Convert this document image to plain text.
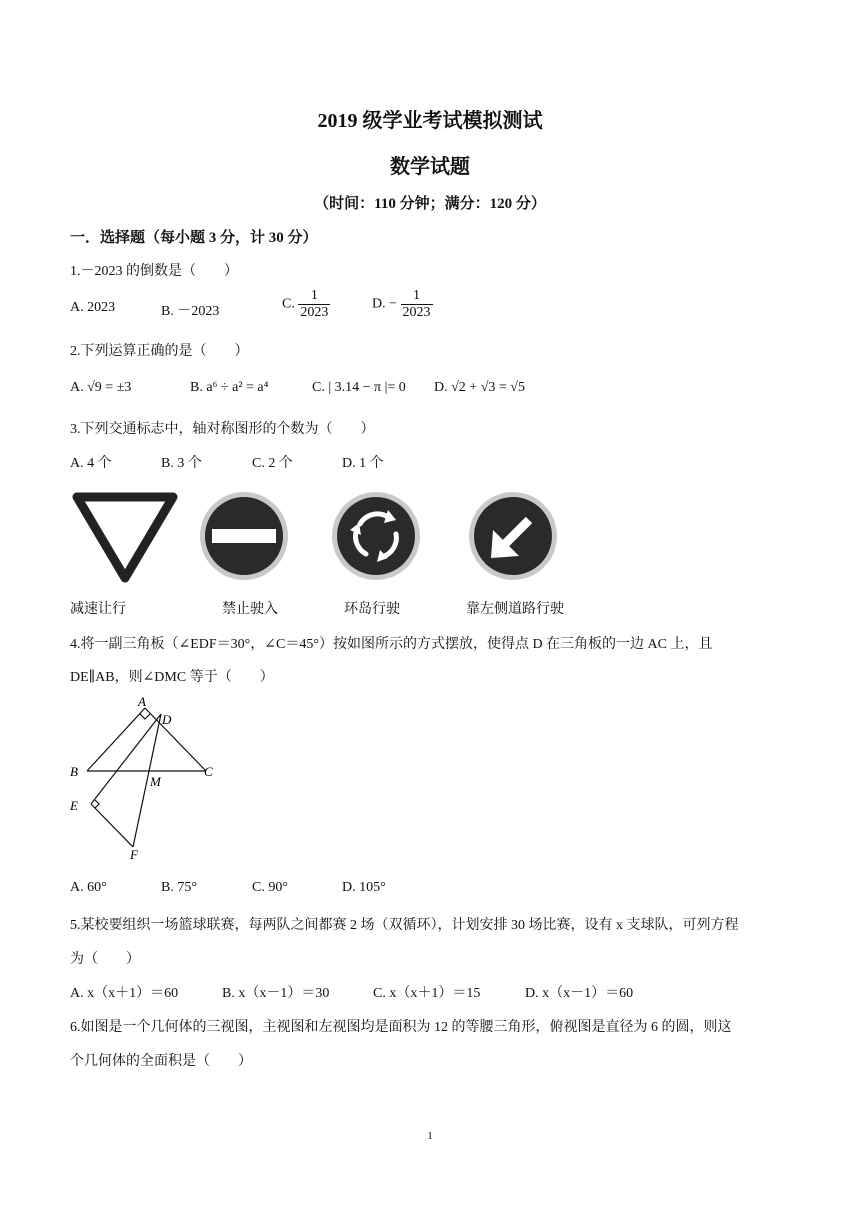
2019 级学业考试模拟测试
数学试题
（时间：110 分钟；满分：120 分）
一．选择题（每小题 3 分，计 30 分）
1.－2023 的倒数是（　　）
A. 2023	B. －2023	C. $\frac{1}{2023}$	D. − $\frac{1}{2023}$
2.下列运算正确的是（　　）
A. √9 = ±3	B. a⁶ ÷ a² = a⁴	C. | 3.14 − π |= 0 D. √2 + √3 = √5
3.下列交通标志中，轴对称图形的个数为（　　）
A. 4 个	B. 3 个	C. 2 个	D. 1 个
减速让行	禁止驶入	环岛行驶	靠左侧道路行驶
4.将一副三角板（∠EDF＝30°，∠C＝45°）按如图所示的方式摆放，使得点 D 在三角板的一边 AC 上，且
DE∥AB，则∠DMC 等于（　　）
A
D
B
M
C
E
F
A. 60°	B. 75°	C. 90°	D. 105°
5.某校要组织一场篮球联赛，每两队之间都赛 2 场（双循环），计划安排 30 场比赛，设有 x 支球队，可列方程
为（　　）
A. x（x＋1）＝60	B. x（x－1）＝30	C. x（x＋1）＝15	D. x（x－1）＝60
6.如图是一个几何体的三视图，主视图和左视图均是面积为 12 的等腰三角形，俯视图是直径为 6 的圆，则这
个几何体的全面积是（　　）
1
